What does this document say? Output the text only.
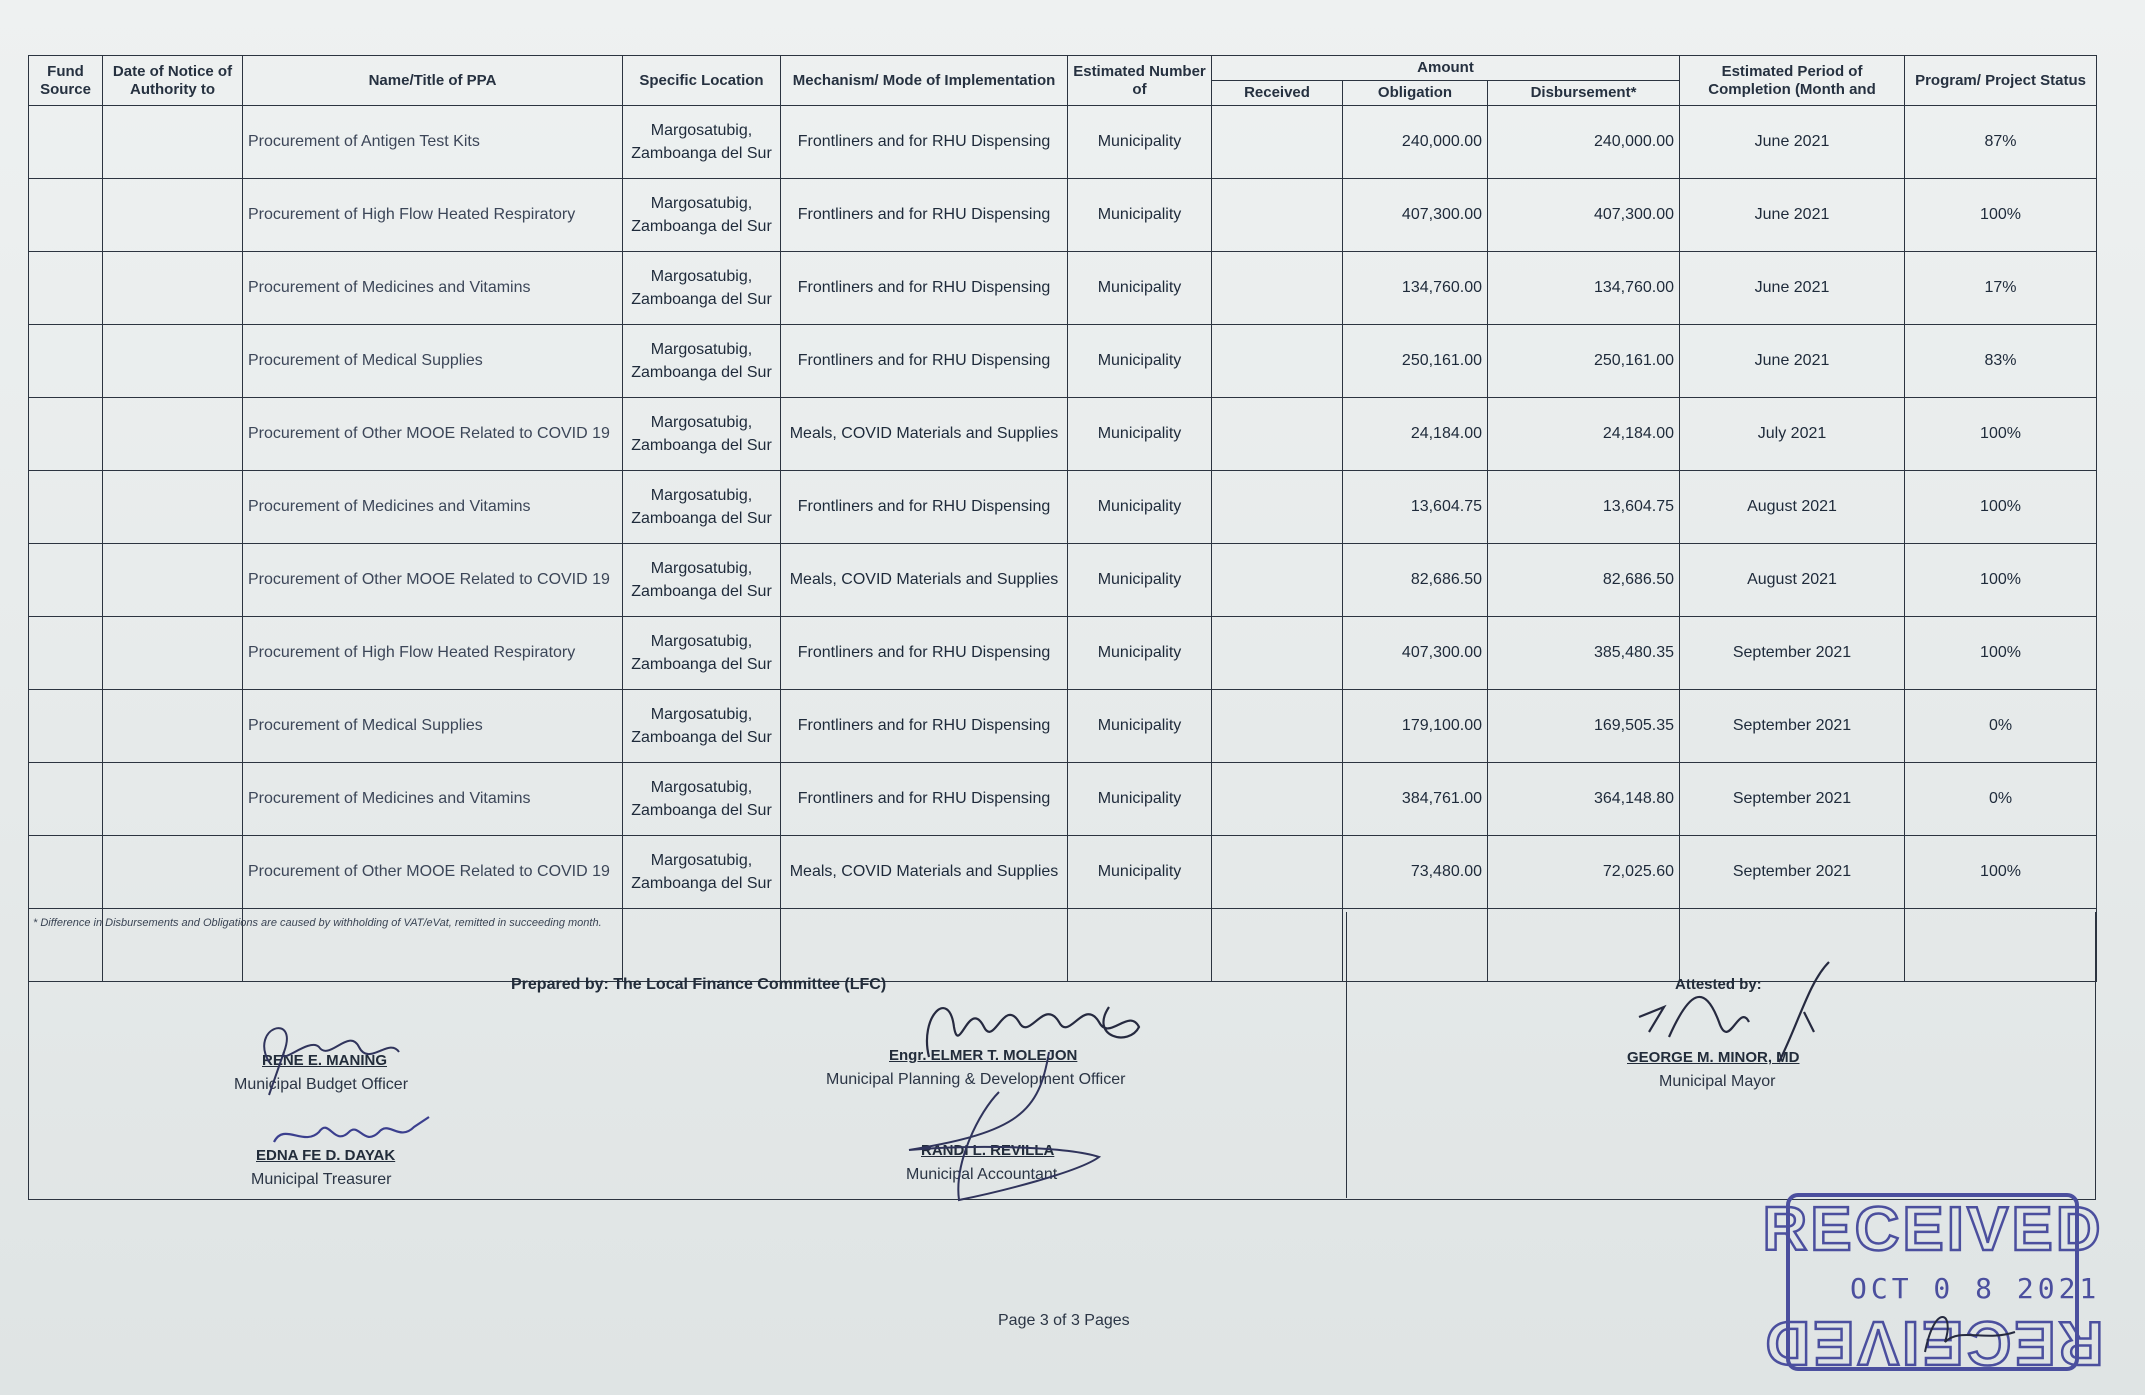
Fund Source	Date of Notice of Authority to	Name/Title of PPA	Specific Location	Mechanism/ Mode of Implementation	Estimated Number of	Amount			Estimated Period of Completion (Month and	Program/ Project Status
						Received	Obligation	Disbursement*		
		Procurement of Antigen Test Kits	Margosatubig, Zamboanga del Sur	Frontliners and for RHU Dispensing	Municipality		240,000.00	240,000.00	June 2021	87%
		Procurement of High Flow Heated Respiratory	Margosatubig, Zamboanga del Sur	Frontliners and for RHU Dispensing	Municipality		407,300.00	407,300.00	June 2021	100%
		Procurement of Medicines and Vitamins	Margosatubig, Zamboanga del Sur	Frontliners and for RHU Dispensing	Municipality		134,760.00	134,760.00	June 2021	17%
		Procurement of Medical Supplies	Margosatubig, Zamboanga del Sur	Frontliners and for RHU Dispensing	Municipality		250,161.00	250,161.00	June 2021	83%
		Procurement of Other MOOE Related to COVID 19	Margosatubig, Zamboanga del Sur	Meals, COVID Materials and Supplies	Municipality		24,184.00	24,184.00	July 2021	100%
		Procurement of Medicines and Vitamins	Margosatubig, Zamboanga del Sur	Frontliners and for RHU Dispensing	Municipality		13,604.75	13,604.75	August 2021	100%
		Procurement of Other MOOE Related to COVID 19	Margosatubig, Zamboanga del Sur	Meals, COVID Materials and Supplies	Municipality		82,686.50	82,686.50	August 2021	100%
		Procurement of High Flow Heated Respiratory	Margosatubig, Zamboanga del Sur	Frontliners and for RHU Dispensing	Municipality		407,300.00	385,480.35	September 2021	100%
		Procurement of Medical Supplies	Margosatubig, Zamboanga del Sur	Frontliners and for RHU Dispensing	Municipality		179,100.00	169,505.35	September 2021	0%
		Procurement of Medicines and Vitamins	Margosatubig, Zamboanga del Sur	Frontliners and for RHU Dispensing	Municipality		384,761.00	364,148.80	September 2021	0%
		Procurement of Other MOOE Related to COVID 19	Margosatubig, Zamboanga del Sur	Meals, COVID Materials and Supplies	Municipality		73,480.00	72,025.60	September 2021	100%

* Difference in Disbursements and Obligations are caused by withholding of VAT/eVat, remitted in succeeding month.
Prepared by: The Local Finance Committee (LFC)	Attested by:
RENE E. MANING
Municipal Budget Officer
EDNA FE D. DAYAK
Municipal Treasurer
Engr. ELMER T. MOLEJON
Municipal Planning & Development Officer
RANDI L. REVILLA
Municipal Accountant
GEORGE M. MINOR, MD
Municipal Mayor
Page 3 of 3 Pages
RECEIVED
RECEIVED
OCT 0 8 2021
